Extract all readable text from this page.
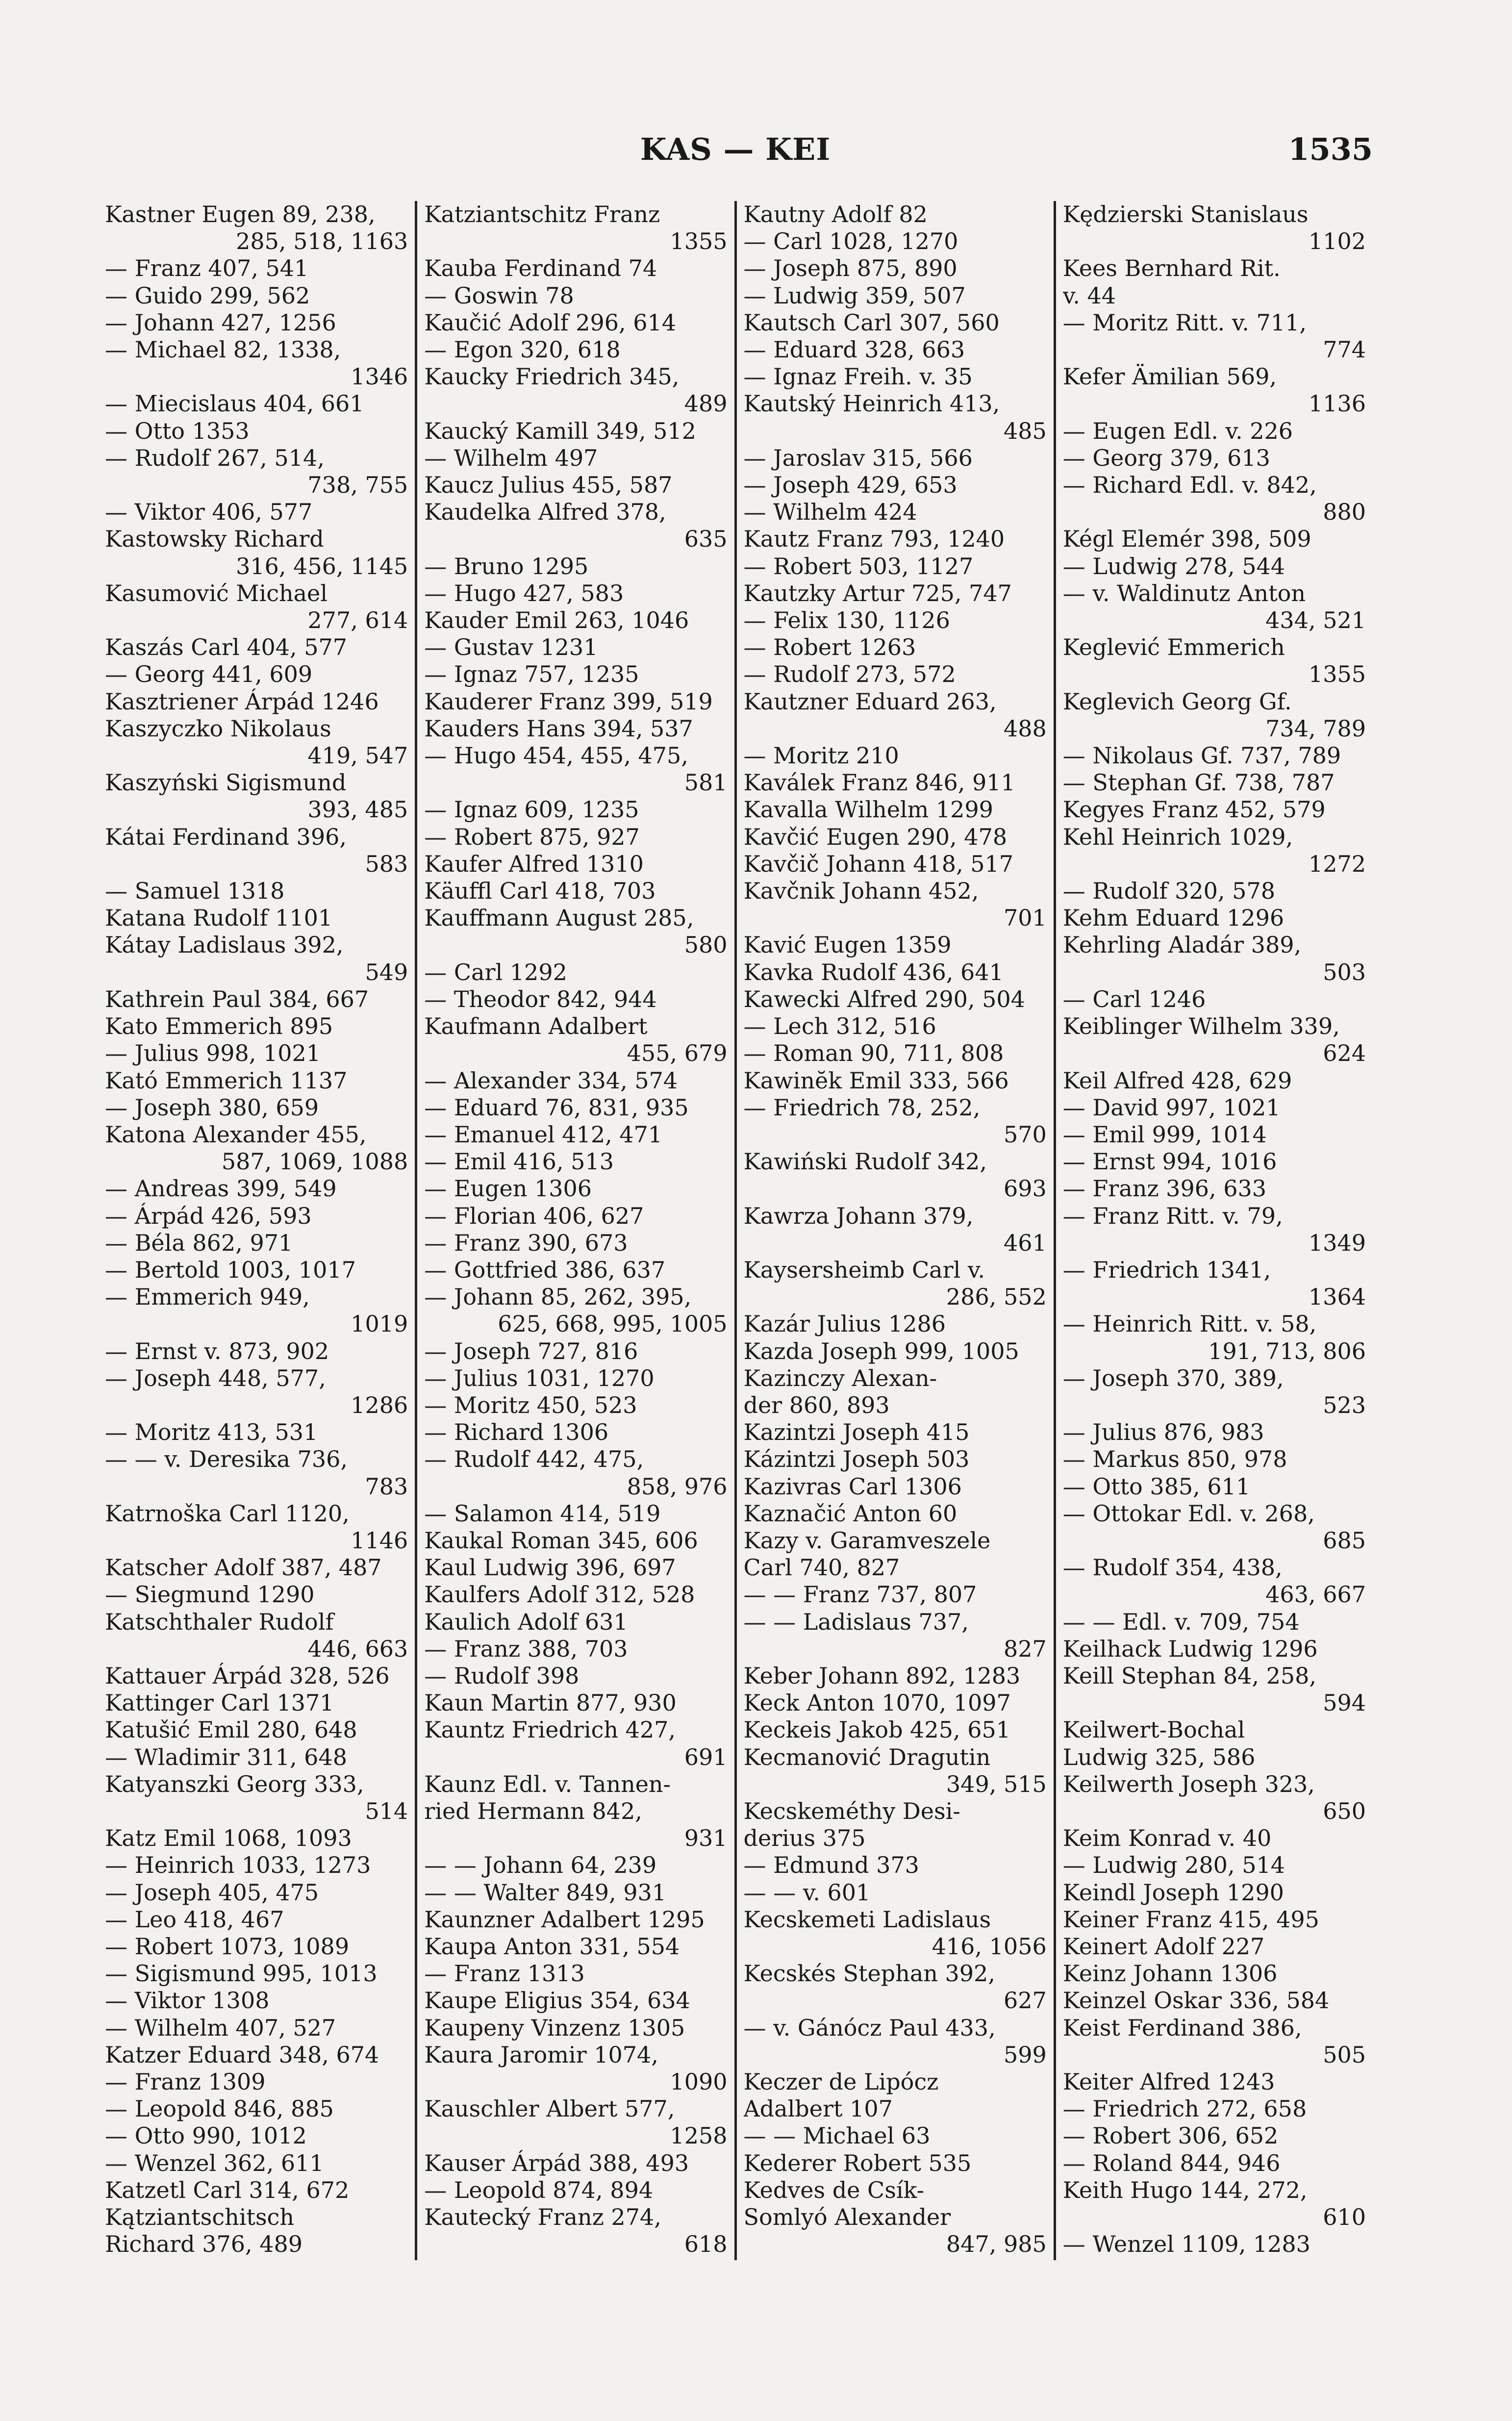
KAS — KEI	1535
Kastner Eugen 89, 238,
285, 518, 1163
— Franz 407, 541
— Guido 299, 562
— Johann 427, 1256
— Michael 82, 1338,
1346
— Miecislaus 404, 661
— Otto 1353
— Rudolf 267, 514,
738, 755
— Viktor 406, 577
Kastowsky Richard
316, 456, 1145
Kasumović Michael
277, 614
Kaszás Carl 404, 577
— Georg 441, 609
Kasztriener Árpád 1246
Kaszyczko Nikolaus
419, 547
Kaszyński Sigismund
393, 485
Kátai Ferdinand 396,
583
— Samuel 1318
Katana Rudolf 1101
Kátay Ladislaus 392,
549
Kathrein Paul 384, 667
Kato Emmerich 895
— Julius 998, 1021
Kató Emmerich 1137
— Joseph 380, 659
Katona Alexander 455,
587, 1069, 1088
— Andreas 399, 549
— Árpád 426, 593
— Béla 862, 971
— Bertold 1003, 1017
— Emmerich 949,
1019
— Ernst v. 873, 902
— Joseph 448, 577,
1286
— Moritz 413, 531
— — v. Deresika 736,
783
Katrnoška Carl 1120,
1146
Katscher Adolf 387, 487
— Siegmund 1290
Katschthaler Rudolf
446, 663
Kattauer Árpád 328, 526
Kattinger Carl 1371
Katušić Emil 280, 648
— Wladimir 311, 648
Katyanszki Georg 333,
514
Katz Emil 1068, 1093
— Heinrich 1033, 1273
— Joseph 405, 475
— Leo 418, 467
— Robert 1073, 1089
— Sigismund 995, 1013
— Viktor 1308
— Wilhelm 407, 527
Katzer Eduard 348, 674
— Franz 1309
— Leopold 846, 885
— Otto 990, 1012
— Wenzel 362, 611
Katzetl Carl 314, 672
Kątziantschitsch
Richard 376, 489
Katziantschitz Franz
1355
Kauba Ferdinand 74
— Goswin 78
Kaučić Adolf 296, 614
— Egon 320, 618
Kaucky Friedrich 345,
489
Kaucký Kamill 349, 512
— Wilhelm 497
Kaucz Julius 455, 587
Kaudelka Alfred 378,
635
— Bruno 1295
— Hugo 427, 583
Kauder Emil 263, 1046
— Gustav 1231
— Ignaz 757, 1235
Kauderer Franz 399, 519
Kauders Hans 394, 537
— Hugo 454, 455, 475,
581
— Ignaz 609, 1235
— Robert 875, 927
Kaufer Alfred 1310
Käuffl Carl 418, 703
Kauffmann August 285,
580
— Carl 1292
— Theodor 842, 944
Kaufmann Adalbert
455, 679
— Alexander 334, 574
— Eduard 76, 831, 935
— Emanuel 412, 471
— Emil 416, 513
— Eugen 1306
— Florian 406, 627
— Franz 390, 673
— Gottfried 386, 637
— Johann 85, 262, 395,
625, 668, 995, 1005
— Joseph 727, 816
— Julius 1031, 1270
— Moritz 450, 523
— Richard 1306
— Rudolf 442, 475,
858, 976
— Salamon 414, 519
Kaukal Roman 345, 606
Kaul Ludwig 396, 697
Kaulfers Adolf 312, 528
Kaulich Adolf 631
— Franz 388, 703
— Rudolf 398
Kaun Martin 877, 930
Kauntz Friedrich 427,
691
Kaunz Edl. v. Tannen-
ried Hermann 842,
931
— — Johann 64, 239
— — Walter 849, 931
Kaunzner Adalbert 1295
Kaupa Anton 331, 554
— Franz 1313
Kaupe Eligius 354, 634
Kaupeny Vinzenz 1305
Kaura Jaromir 1074,
1090
Kauschler Albert 577,
1258
Kauser Árpád 388, 493
— Leopold 874, 894
Kautecký Franz 274,
618
Kautny Adolf 82
— Carl 1028, 1270
— Joseph 875, 890
— Ludwig 359, 507
Kautsch Carl 307, 560
— Eduard 328, 663
— Ignaz Freih. v. 35
Kautský Heinrich 413,
485
— Jaroslav 315, 566
— Joseph 429, 653
— Wilhelm 424
Kautz Franz 793, 1240
— Robert 503, 1127
Kautzky Artur 725, 747
— Felix 130, 1126
— Robert 1263
— Rudolf 273, 572
Kautzner Eduard 263,
488
— Moritz 210
Kaválek Franz 846, 911
Kavalla Wilhelm 1299
Kavčić Eugen 290, 478
Kavčič Johann 418, 517
Kavčnik Johann 452,
701
Kavić Eugen 1359
Kavka Rudolf 436, 641
Kawecki Alfred 290, 504
— Lech 312, 516
— Roman 90, 711, 808
Kawinĕk Emil 333, 566
— Friedrich 78, 252,
570
Kawiński Rudolf 342,
693
Kawrza Johann 379,
461
Kaysersheimb Carl v.
286, 552
Kazár Julius 1286
Kazda Joseph 999, 1005
Kazinczy Alexan-
der 860, 893
Kazintzi Joseph 415
Kázintzi Joseph 503
Kazivras Carl 1306
Kaznačić Anton 60
Kazy v. Garamveszele
Carl 740, 827
— — Franz 737, 807
— — Ladislaus 737,
827
Keber Johann 892, 1283
Keck Anton 1070, 1097
Keckeis Jakob 425, 651
Kecmanović Dragutin
349, 515
Kecskeméthy Desi-
derius 375
— Edmund 373
— — v. 601
Kecskemeti Ladislaus
416, 1056
Kecskés Stephan 392,
627
— v. Gánócz Paul 433,
599
Keczer de Lipócz
Adalbert 107
— — Michael 63
Kederer Robert 535
Kedves de Csík-
Somlyó Alexander
847, 985
Kędzierski Stanislaus
1102
Kees Bernhard Rit.
v. 44
— Moritz Ritt. v. 711,
774
Kefer Ämilian 569,
1136
— Eugen Edl. v. 226
— Georg 379, 613
— Richard Edl. v. 842,
880
Kégl Elemér 398, 509
— Ludwig 278, 544
— v. Waldinutz Anton
434, 521
Keglević Emmerich
1355
Keglevich Georg Gf.
734, 789
— Nikolaus Gf. 737, 789
— Stephan Gf. 738, 787
Kegyes Franz 452, 579
Kehl Heinrich 1029,
1272
— Rudolf 320, 578
Kehm Eduard 1296
Kehrling Aladár 389,
503
— Carl 1246
Keiblinger Wilhelm 339,
624
Keil Alfred 428, 629
— David 997, 1021
— Emil 999, 1014
— Ernst 994, 1016
— Franz 396, 633
— Franz Ritt. v. 79,
1349
— Friedrich 1341,
1364
— Heinrich Ritt. v. 58,
191, 713, 806
— Joseph 370, 389,
523
— Julius 876, 983
— Markus 850, 978
— Otto 385, 611
— Ottokar Edl. v. 268,
685
— Rudolf 354, 438,
463, 667
— — Edl. v. 709, 754
Keilhack Ludwig 1296
Keill Stephan 84, 258,
594
Keilwert-Bochal
Ludwig 325, 586
Keilwerth Joseph 323,
650
Keim Konrad v. 40
— Ludwig 280, 514
Keindl Joseph 1290
Keiner Franz 415, 495
Keinert Adolf 227
Keinz Johann 1306
Keinzel Oskar 336, 584
Keist Ferdinand 386,
505
Keiter Alfred 1243
— Friedrich 272, 658
— Robert 306, 652
— Roland 844, 946
Keith Hugo 144, 272,
610
— Wenzel 1109, 1283
